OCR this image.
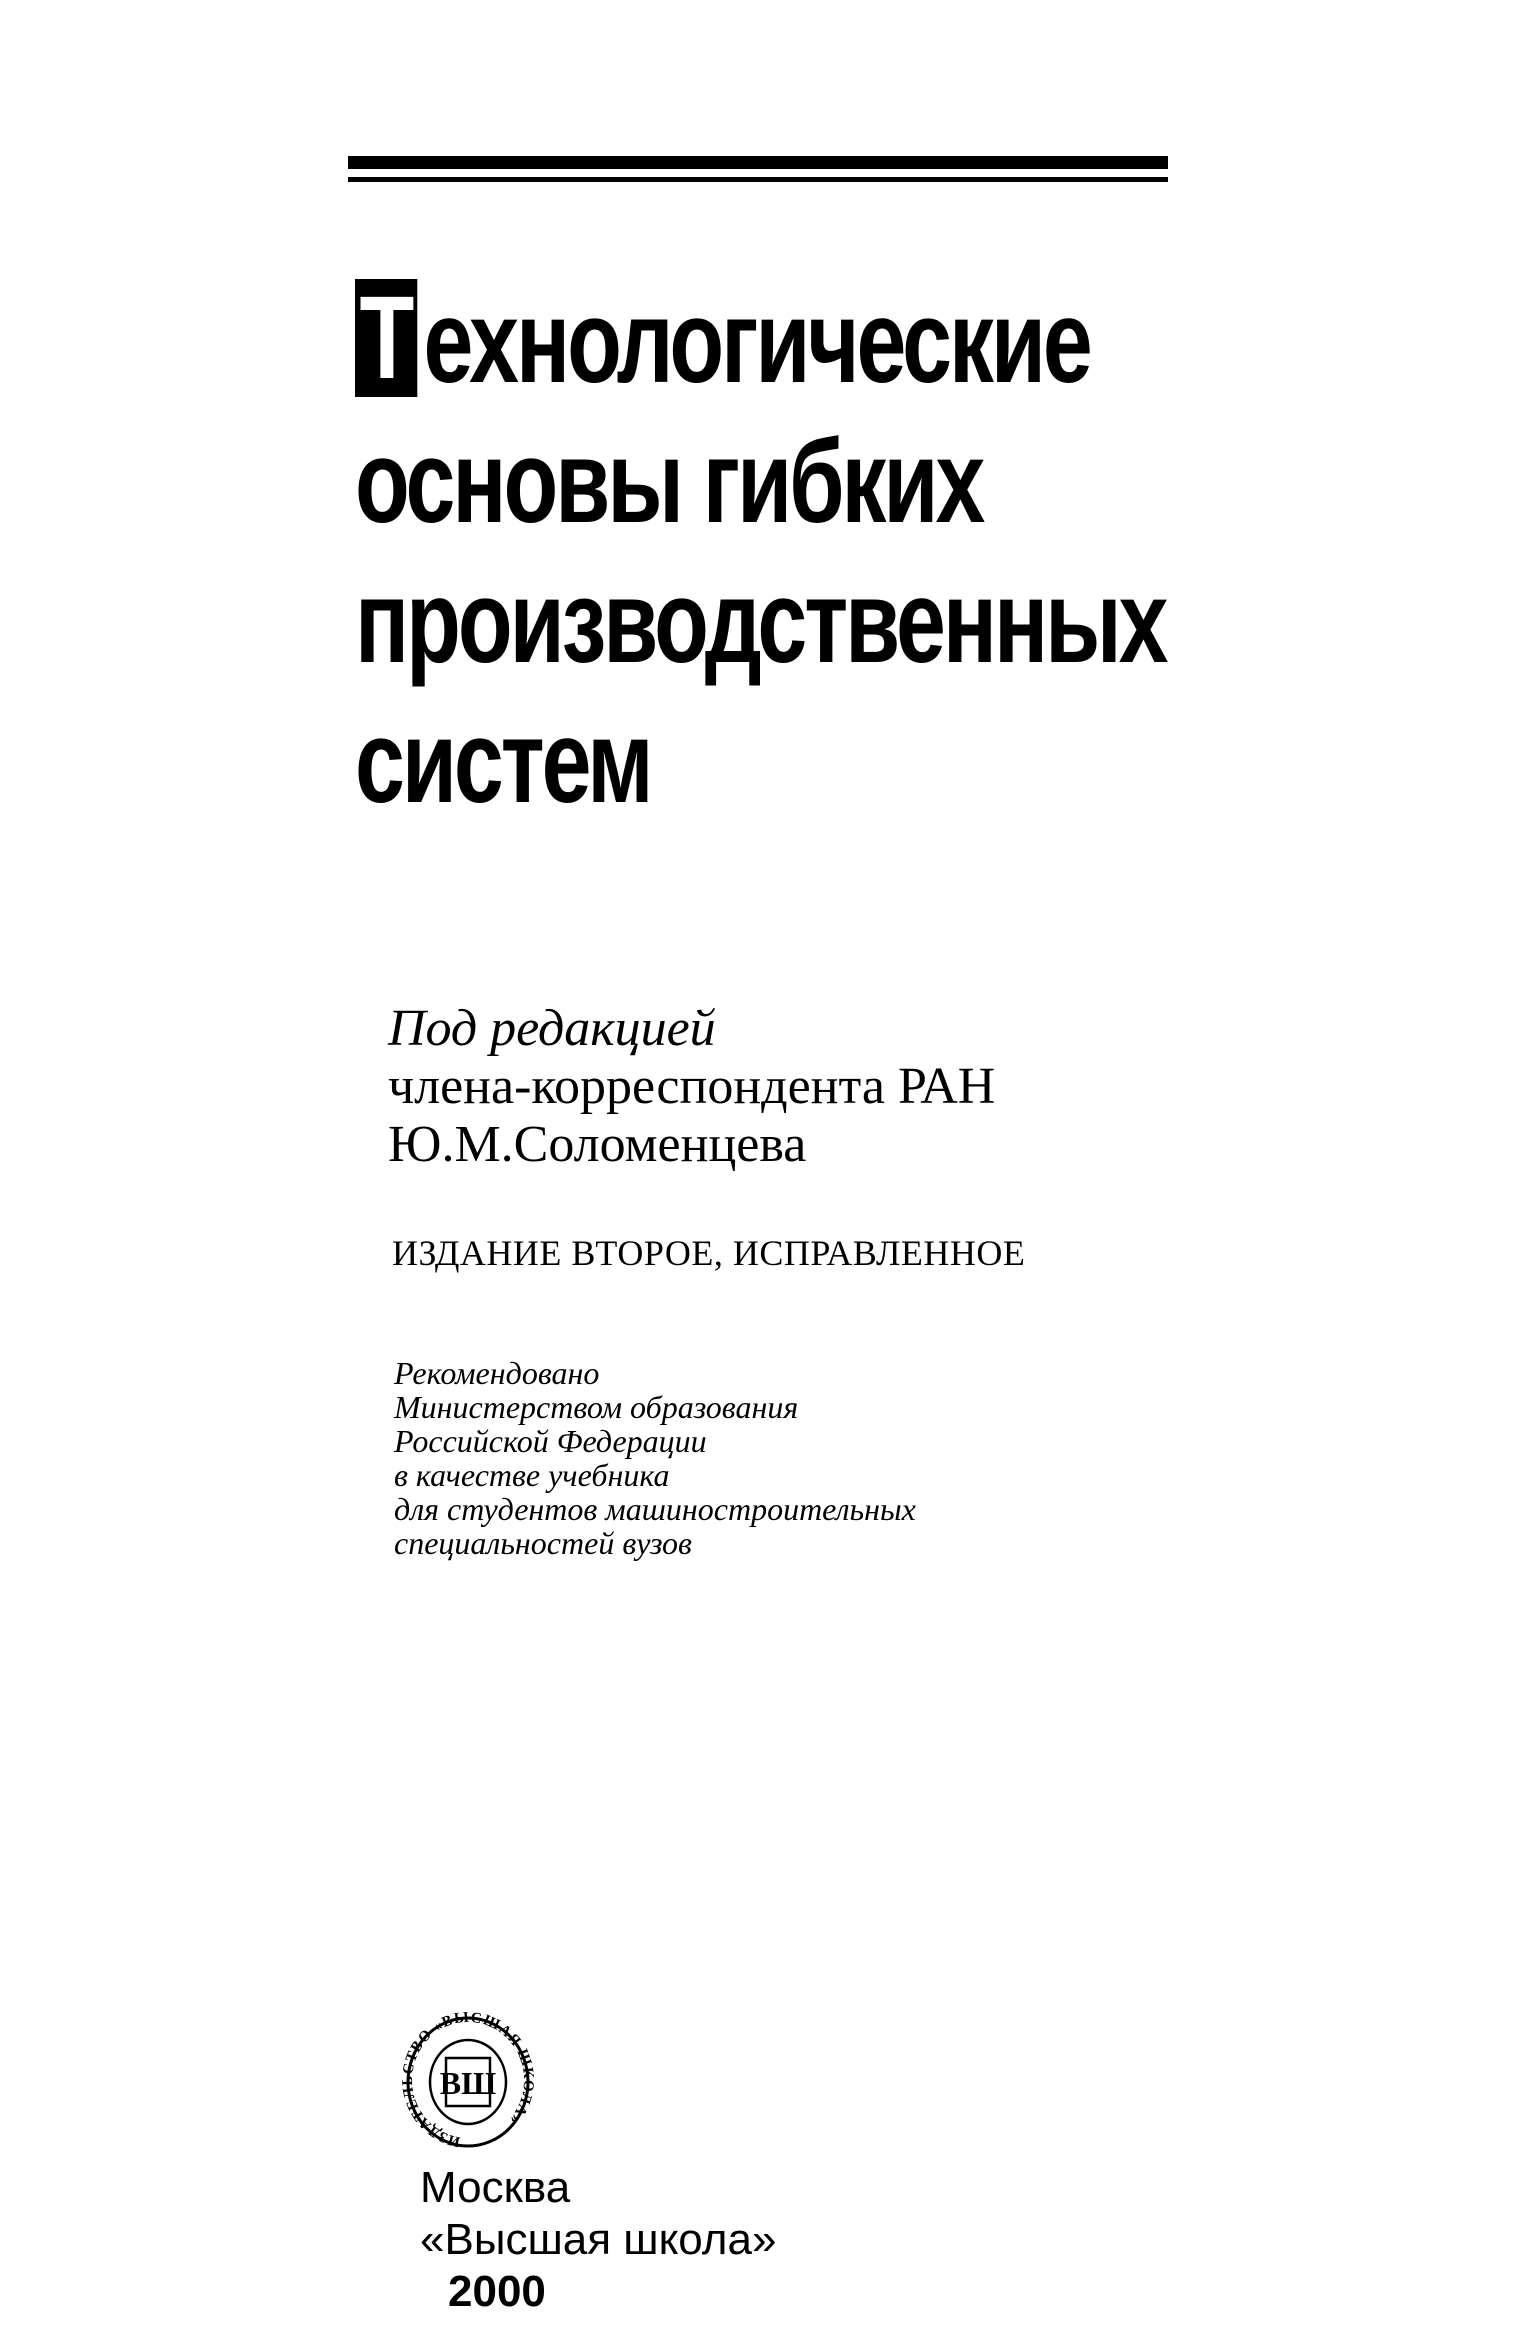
Т ехнологические
основы гибких
производственных
систем
Под редакцией
члена-корреспондента РАН
Ю.М.Соломенцева
ИЗДАНИЕ ВТОРОЕ, ИСПРАВЛЕННОЕ
Рекомендовано
Министерством образования
Российской Федерации
в качестве учебника
для студентов машиностроительных
специальностей вузов
ИЗДАТЕЛЬСТВО «ВЫСШАЯ ШКОЛА»
ВШ
Москва
«Высшая школа»
2000
